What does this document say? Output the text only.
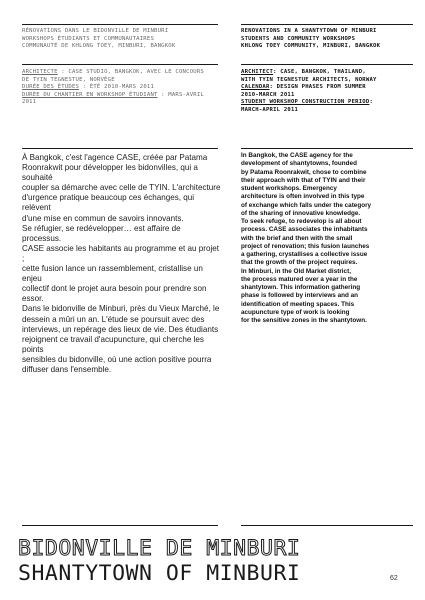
RÉNOVATIONS DANS LE BIDONVILLE DE MINBURI

WORKSHOPS ÉTUDIANTS ET COMMUNAUTAIRES

COMMUNAUTÉ DE KHLONG TOEY, MINBURI, BANGKOK

RENOVATIONS IN A SHANTYTOWN OF MINBURI

STUDENTS AND COMMUNITY WORKSHOPS

KHLONG TOEY COMMUNITY, MINBURI, BANGKOK

ARCHITECTE : CASE STUDIO, BANGKOK, AVEC LE CONCOURS

DE TYIN TEGNESTUE, NORVÈGE

DURÉE DES ÉTUDES : ÉTÉ 2010-MARS 2011

DURÉE DU CHANTIER EN WORKSHOP ÉTUDIANT : MARS-AVRIL 2011

ARCHITECT: CASE, BANGKOK, THAILAND,

WITH TYIN TEGNESTUE ARCHITECTS, NORWAY

CALENDAR: DESIGN PHASES FROM SUMMER

2010-MARCH 2011

STUDENT WORKSHOP CONSTRUCTION PERIOD:

MARCH-APRIL 2011

À Bangkok, c'est l'agence CASE, créée par Patama
Roonrakwit pour développer les bidonvilles, qui a souhaité
coupler sa démarche avec celle de TYIN. L'architecture
d'urgence pratique beaucoup ces échanges, qui relèvent
d'une mise en commun de savoirs innovants.
Se réfugier, se redévelopper… est affaire de processus.
CASE associe les habitants au programme et au projet ;
cette fusion lance un rassemblement, cristallise un enjeu
collectif dont le projet aura besoin pour prendre son essor.
Dans le bidonville de Minburi, près du Vieux Marché, le
dessein a mûri un an. L'étude se poursuit avec des
interviews, un repérage des lieux de vie. Des étudiants
rejoignent ce travail d'acupuncture, qui cherche les points
sensibles du bidonville, où une action positive pourra
diffuser dans l'ensemble.
In Bangkok, the CASE agency for the
development of shantytowns, founded
by Patama Roonrakwit, chose to combine
their approach with that of TYIN and their
student workshops. Emergency
architecture is often involved in this type
of exchange which falls under the category
of the sharing of innovative knowledge.
To seek refuge, to redevelop is all about
process. CASE associates the inhabitants
with the brief and then with the small
project of renovation; this fusion launches
a gathering, crystallises a collective issue
that the growth of the project requires.
In Minburi, in the Old Market district,
the process matured over a year in the
shantytown. This information gathering
phase is followed by interviews and an
identification of meeting spaces. This
acupuncture type of work is looking
for the sensitive zones in the shantytown.
BIDONVILLE DE MINBURI
SHANTYTOWN OF MINBURI	62
